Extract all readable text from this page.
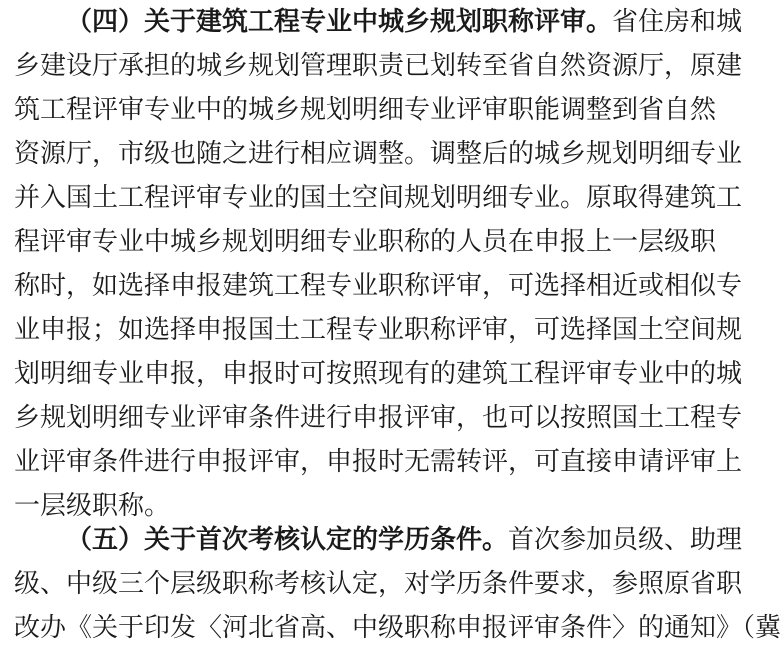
（四）关于建筑工程专业中城乡规划职称评审。省住房和城
乡建设厅承担的城乡规划管理职责已划转至省自然资源厅，原建
筑工程评审专业中的城乡规划明细专业评审职能调整到省自然
资源厅，市级也随之进行相应调整。调整后的城乡规划明细专业
并入国土工程评审专业的国土空间规划明细专业。原取得建筑工
程评审专业中城乡规划明细专业职称的人员在申报上一层级职
称时，如选择申报建筑工程专业职称评审，可选择相近或相似专
业申报；如选择申报国土工程专业职称评审，可选择国土空间规
划明细专业申报，申报时可按照现有的建筑工程评审专业中的城
乡规划明细专业评审条件进行申报评审，也可以按照国土工程专
业评审条件进行申报评审，申报时无需转评，可直接申请评审上
一层级职称。
（五）关于首次考核认定的学历条件。首次参加员级、助理
级、中级三个层级职称考核认定，对学历条件要求，参照原省职
改办《关于印发〈河北省高、中级职称申报评审条件〉的通知》（冀
